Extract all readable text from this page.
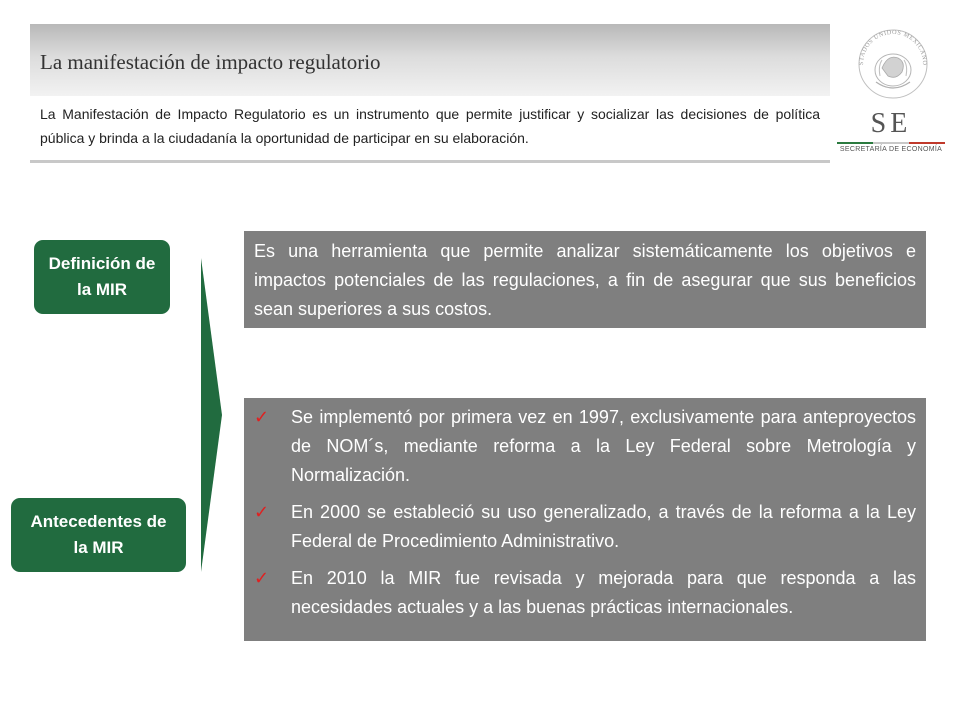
La manifestación de impacto regulatorio
La Manifestación de Impacto Regulatorio es un instrumento que permite justificar y socializar las decisiones de política pública y brinda a la ciudadanía la oportunidad de participar en su elaboración.
STADOS UNIDOS MEXICANO
SE
SECRETARÍA DE ECONOMÍA
Definición de la MIR
Antecedentes de la MIR
Es una herramienta que permite analizar sistemáticamente los objetivos e impactos potenciales de las regulaciones, a fin de asegurar que sus beneficios sean superiores a sus costos.
✓ Se implementó por primera vez en 1997, exclusivamente para anteproyectos de NOM´s, mediante reforma a la Ley Federal sobre Metrología y Normalización.
✓ En 2000 se estableció su uso generalizado, a través de la reforma a la Ley Federal de Procedimiento Administrativo.
✓ En 2010 la MIR fue revisada y mejorada para que responda a las necesidades actuales y a las buenas prácticas internacionales.
